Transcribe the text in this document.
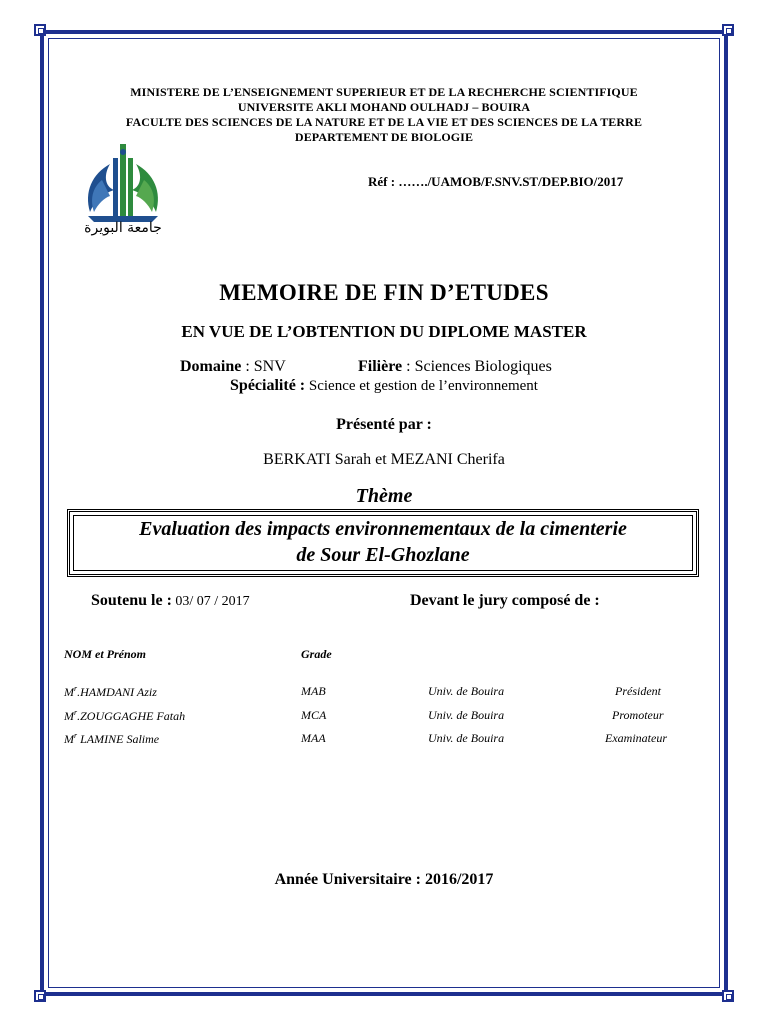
MINISTERE DE L’ENSEIGNEMENT SUPERIEUR ET DE LA RECHERCHE SCIENTIFIQUE
UNIVERSITE AKLI MOHAND OULHADJ – BOUIRA
FACULTE DES SCIENCES DE LA NATURE ET DE LA VIE ET DES SCIENCES DE LA TERRE
DEPARTEMENT DE BIOLOGIE
جامعة البويرة
Réf : ……./UAMOB/F.SNV.ST/DEP.BIO/2017
MEMOIRE DE FIN D’ETUDES
EN VUE DE L’OBTENTION DU DIPLOME MASTER
Domaine : SNV	Filière : Sciences Biologiques
Spécialité : Science et gestion de l’environnement
Présenté par :
BERKATI Sarah et MEZANI Cherifa
Thème
Evaluation des impacts environnementaux de la cimenterie
de Sour El-Ghozlane
Soutenu le : 03/ 07 / 2017	Devant le jury composé de :
NOM et Prénom	Grade
$M^r.HAMDANI$ Aziz	MAB	Univ. de Bouira	Président
$M^r.ZOUGGAGHE$ Fatah	MCA	Univ. de Bouira	Promoteur
$M^r$ LAMINE Salime	MAA	Univ. de Bouira	Examinateur
Année Universitaire : 2016/2017
